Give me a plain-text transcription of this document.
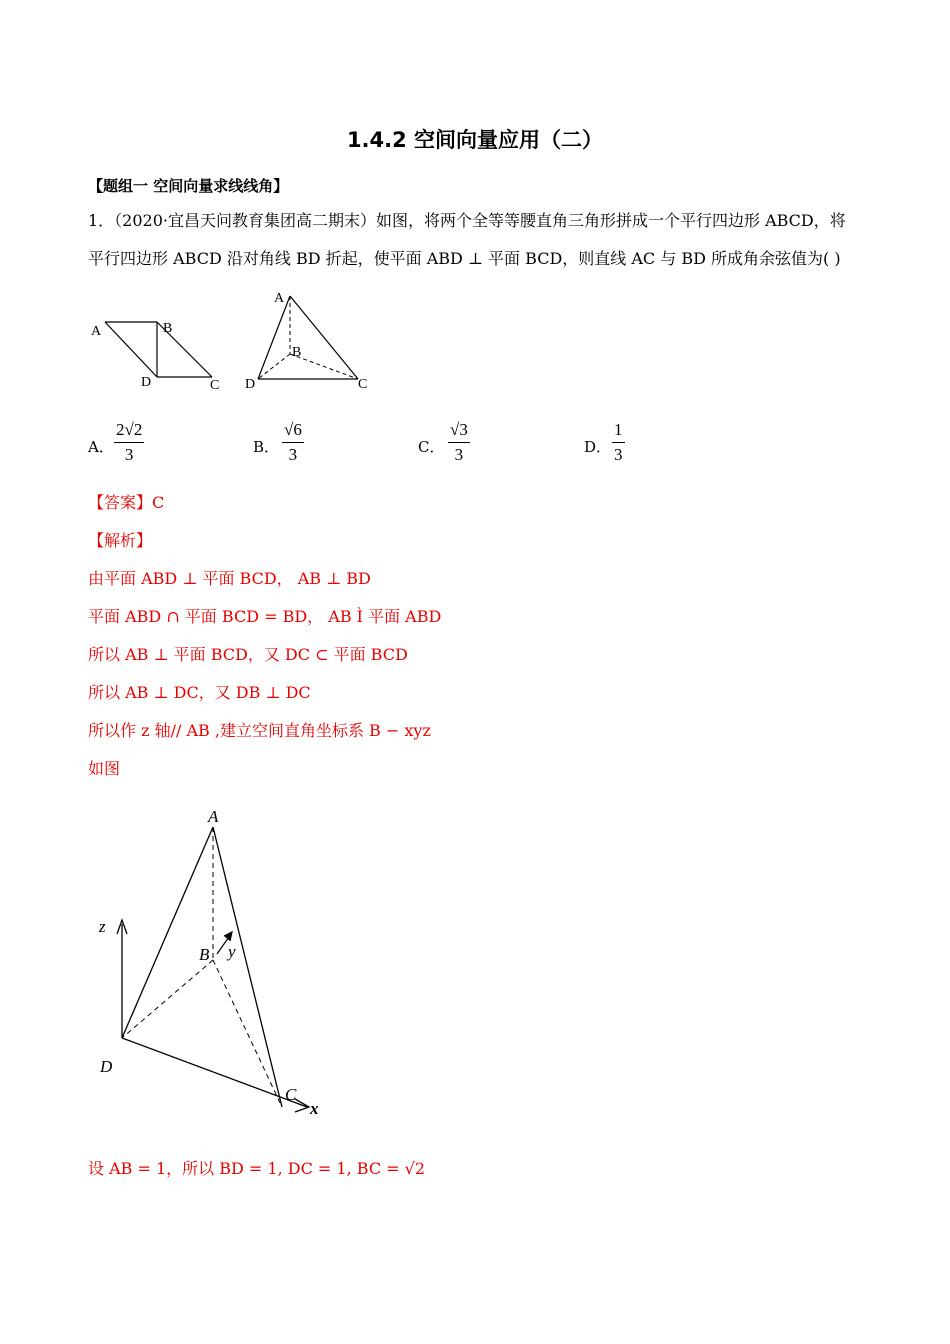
1.4.2 空间向量应用（二）
【题组一 空间向量求线线角】
1．（2020·宜昌天问教育集团高二期末）如图，将两个全等等腰直角三角形拼成一个平行四边形 ABCD，将
平行四边形 ABCD 沿对角线 BD 折起，使平面 ABD ⊥ 平面 BCD，则直线 AC 与 BD 所成角余弦值为( )
A	B
C
D
A
B
C
D
A．
2√2
3	B．
√6
3	C．
√3
3	D．
1
3
【答案】C
【解析】
由平面 ABD ⊥ 平面 BCD， AB ⊥ BD
平面 ABD ∩ 平面 BCD = BD， AB Ì 平面 ABD
所以 AB ⊥ 平面 BCD，又 DC ⊂ 平面 BCD
所以 AB ⊥ DC，又 DB ⊥ DC
所以作 z 轴// AB ,建立空间直角坐标系 B − xyz
如图
A
B
C
D
x
y
z
设 AB = 1，所以 BD = 1, DC = 1, BC = √2
